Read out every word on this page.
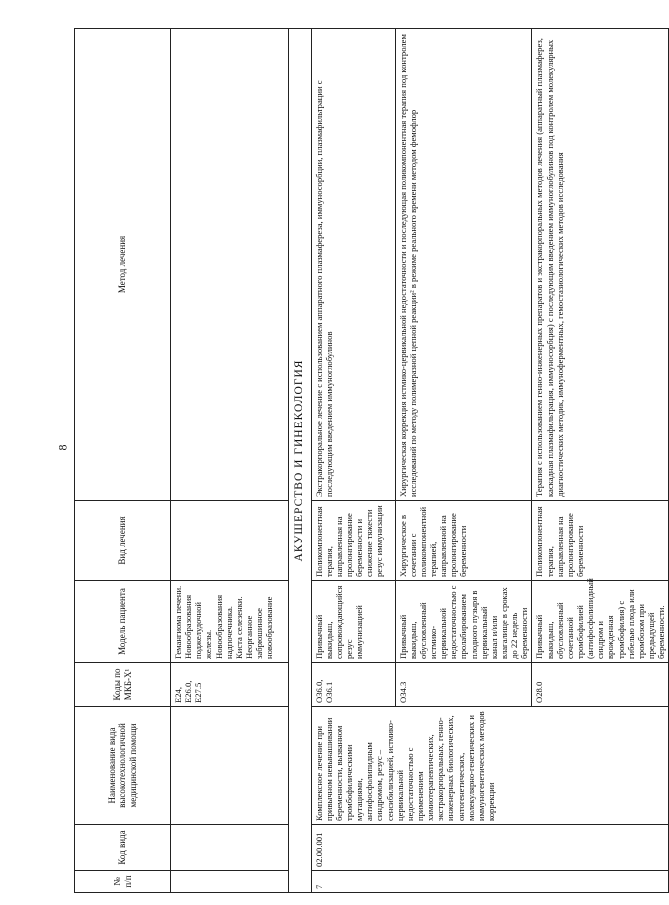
8
№ п/п	Код вида	Наименование вида высокотехнологичной медицинской помощи	Коды по МКБ-X¹	Модель пациента	Вид лечения	Метод лечения
			E24,
E26.0,
E27.5	Гемангиома печени. Новообразования поджелудочной железы. Новообразования надпочечника. Киста селезенки. Неорганное забрюшинное новообразование		
АКУШЕРСТВО И ГИНЕКОЛОГИЯ						
7	02.00.001	Комплексное лечение при привычном невынашивании беременности, вызванном тромбофилическими мутациями, антифосфолипидным синдромом, резус – сенсибилизацией, истмико-цервикальной недостаточностью с применением химиотерапевтических, экстракорпоральных, генно-инженерных биологических, онтогенетических, молекулярно-генетических и иммуногенетических методов коррекции	O36.0,
O36.1	Привычный выкидыш, сопровождающийся резус иммунизацией	Поликомпонентная терапия, направленная на пролонгирование беременности и снижение тяжести резус иммунизации	Экстракорпоральное лечение с использованием аппаратного плазмафереза, иммуносорбции, плазмафильтрации с последующим введением иммуноглобулинов
			O34.3	Привычный выкидыш, обусловленный истмико-цервикальной недостаточностью с пролабированием плодного пузыря в цервикальный канал и/или влагалище в сроках до 22 недель беременности	Хирургическое в сочетании с поликомпонентной терапией, направленной на пролонгирование беременности	Хирургическая коррекция истмико-цервикальной недостаточности и последующая поликомпонентная терапия под контролем исследований по методу полимеразной цепной реакции² в режиме реального времени методом фемофлор
			O28.0	Привычный выкидыш, обусловленный сочетанной тромбофилией (антифосфолипидный синдром и врожденная тромбофилия) с гибелью плода или тромбозом при предыдущей беременности.	Поликомпонентная терапия, направленная на пролонгирование беременности	Терапия с использованием генно-инженерных препаратов и экстракорпоральных методов лечения (аппаратный плазмаферез, каскадная плазмафильтрация, иммуносорбция) с последующим введением иммуноглобулинов под контролем молекулярных диагностических методик, иммуноферментных, гемостазиологических методов исследования
